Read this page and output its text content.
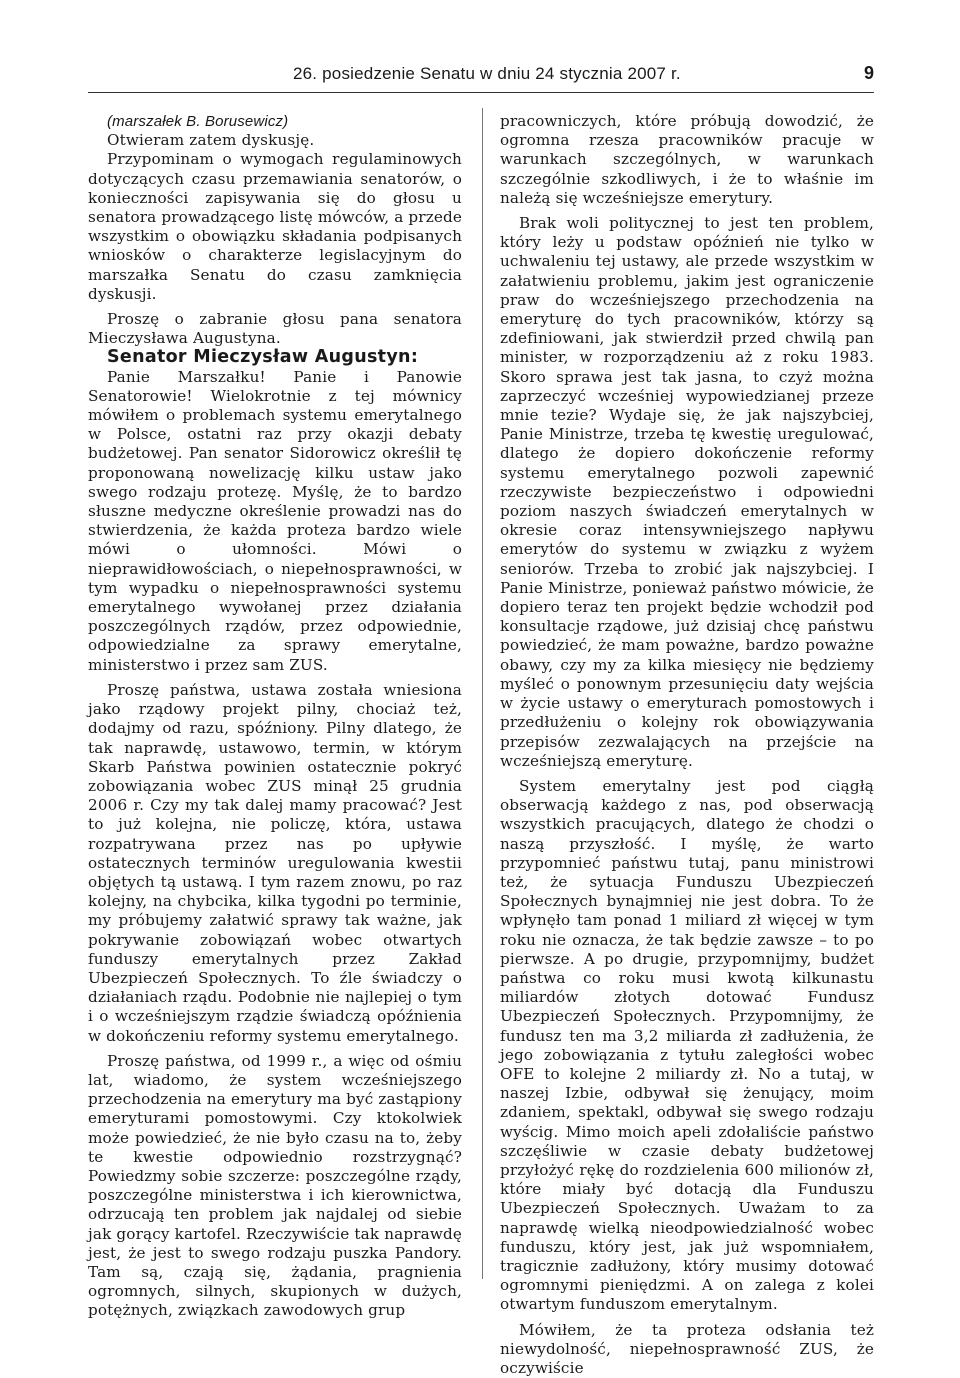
26. posiedzenie Senatu w dniu 24 stycznia 2007 r.	9

(marszałek B. Borusewicz)

Otwieram zatem dyskusję.

Przypominam o wymogach regulaminowych dotyczących czasu przemawiania senatorów, o konieczności zapisywania się do głosu u senatora prowadzącego listę mówców, a przede wszystkim o obowiązku składania podpisanych wniosków o charakterze legislacyjnym do marszałka Senatu do czasu zamknięcia dyskusji.

Proszę o zabranie głosu pana senatora Mieczysława Augustyna.

Senator Mieczysław Augustyn:

Panie Marszałku! Panie i Panowie Senatorowie! Wielokrotnie z tej mównicy mówiłem o problemach systemu emerytalnego w Polsce, ostatni raz przy okazji debaty budżetowej. Pan senator Sidorowicz określił tę proponowaną nowelizację kilku ustaw jako swego rodzaju protezę. Myślę, że to bardzo słuszne medyczne określenie prowadzi nas do stwierdzenia, że każda proteza bardzo wiele mówi o ułomności. Mówi o nieprawidłowościach, o niepełnosprawności, w tym wypadku o niepełnosprawności systemu emerytalnego wywołanej przez działania poszczególnych rządów, przez odpowiednie, odpowiedzialne za sprawy emerytalne, ministerstwo i przez sam ZUS.

Proszę państwa, ustawa została wniesiona jako rządowy projekt pilny, chociaż też, dodajmy od razu, spóźniony. Pilny dlatego, że tak naprawdę, ustawowo, termin, w którym Skarb Państwa powinien ostatecznie pokryć zobowiązania wobec ZUS minął 25 grudnia 2006 r. Czy my tak dalej mamy pracować? Jest to już kolejna, nie policzę, która, ustawa rozpatrywana przez nas po upływie ostatecznych terminów uregulowania kwestii objętych tą ustawą. I tym razem znowu, po raz kolejny, na chybcika, kilka tygodni po terminie, my próbujemy załatwić sprawy tak ważne, jak pokrywanie zobowiązań wobec otwartych funduszy emerytalnych przez Zakład Ubezpieczeń Społecznych. To źle świadczy o działaniach rządu. Podobnie nie najlepiej o tym i o wcześniejszym rządzie świadczą opóźnienia w dokończeniu reformy systemu emerytalnego.

Proszę państwa, od 1999 r., a więc od ośmiu lat, wiadomo, że system wcześniejszego przechodzenia na emerytury ma być zastąpiony emeryturami pomostowymi. Czy ktokolwiek może powiedzieć, że nie było czasu na to, żeby te kwestie odpowiednio rozstrzygnąć? Powiedzmy sobie szczerze: poszczególne rządy, poszczególne ministerstwa i ich kierownictwa, odrzucają ten problem jak najdalej od siebie jak gorący kartofel. Rzeczywiście tak naprawdę jest, że jest to swego rodzaju puszka Pandory. Tam są, czają się, żądania, pragnienia ogromnych, silnych, skupionych w dużych, potężnych, związkach zawodowych grup

pracowniczych, które próbują dowodzić, że ogromna rzesza pracowników pracuje w warunkach szczególnych, w warunkach szczególnie szkodliwych, i że to właśnie im należą się wcześniejsze emerytury.

Brak woli politycznej to jest ten problem, który leży u podstaw opóźnień nie tylko w uchwaleniu tej ustawy, ale przede wszystkim w załatwieniu problemu, jakim jest ograniczenie praw do wcześniejszego przechodzenia na emeryturę do tych pracowników, którzy są zdefiniowani, jak stwierdził przed chwilą pan minister, w rozporządzeniu aż z roku 1983. Skoro sprawa jest tak jasna, to czyż można zaprzeczyć wcześniej wypowiedzianej przeze mnie tezie? Wydaje się, że jak najszybciej, Panie Ministrze, trzeba tę kwestię uregulować, dlatego że dopiero dokończenie reformy systemu emerytalnego pozwoli zapewnić rzeczywiste bezpieczeństwo i odpowiedni poziom naszych świadczeń emerytalnych w okresie coraz intensywniejszego napływu emerytów do systemu w związku z wyżem seniorów. Trzeba to zrobić jak najszybciej. I Panie Ministrze, ponieważ państwo mówicie, że dopiero teraz ten projekt będzie wchodził pod konsultacje rządowe, już dzisiaj chcę państwu powiedzieć, że mam poważne, bardzo poważne obawy, czy my za kilka miesięcy nie będziemy myśleć o ponownym przesunięciu daty wejścia w życie ustawy o emeryturach pomostowych i przedłużeniu o kolejny rok obowiązywania przepisów zezwalających na przejście na wcześniejszą emeryturę.

System emerytalny jest pod ciągłą obserwacją każdego z nas, pod obserwacją wszystkich pracujących, dlatego że chodzi o naszą przyszłość. I myślę, że warto przypomnieć państwu tutaj, panu ministrowi też, że sytuacja Funduszu Ubezpieczeń Społecznych bynajmniej nie jest dobra. To że wpłynęło tam ponad 1 miliard zł więcej w tym roku nie oznacza, że tak będzie zawsze – to po pierwsze. A po drugie, przypomnijmy, budżet państwa co roku musi kwotą kilkunastu miliardów złotych dotować Fundusz Ubezpieczeń Społecznych. Przypomnijmy, że fundusz ten ma 3,2 miliarda zł zadłużenia, że jego zobowiązania z tytułu zaległości wobec OFE to kolejne 2 miliardy zł. No a tutaj, w naszej Izbie, odbywał się żenujący, moim zdaniem, spektakl, odbywał się swego rodzaju wyścig. Mimo moich apeli zdołaliście państwo szczęśliwie w czasie debaty budżetowej przyłożyć rękę do rozdzielenia 600 milionów zł, które miały być dotacją dla Funduszu Ubezpieczeń Społecznych. Uważam to za naprawdę wielką nieodpowiedzialność wobec funduszu, który jest, jak już wspomniałem, tragicznie zadłużony, który musimy dotować ogromnymi pieniędzmi. A on zalega z kolei otwartym funduszom emerytalnym.

Mówiłem, że ta proteza odsłania też niewydolność, niepełnosprawność ZUS, że oczywiście
